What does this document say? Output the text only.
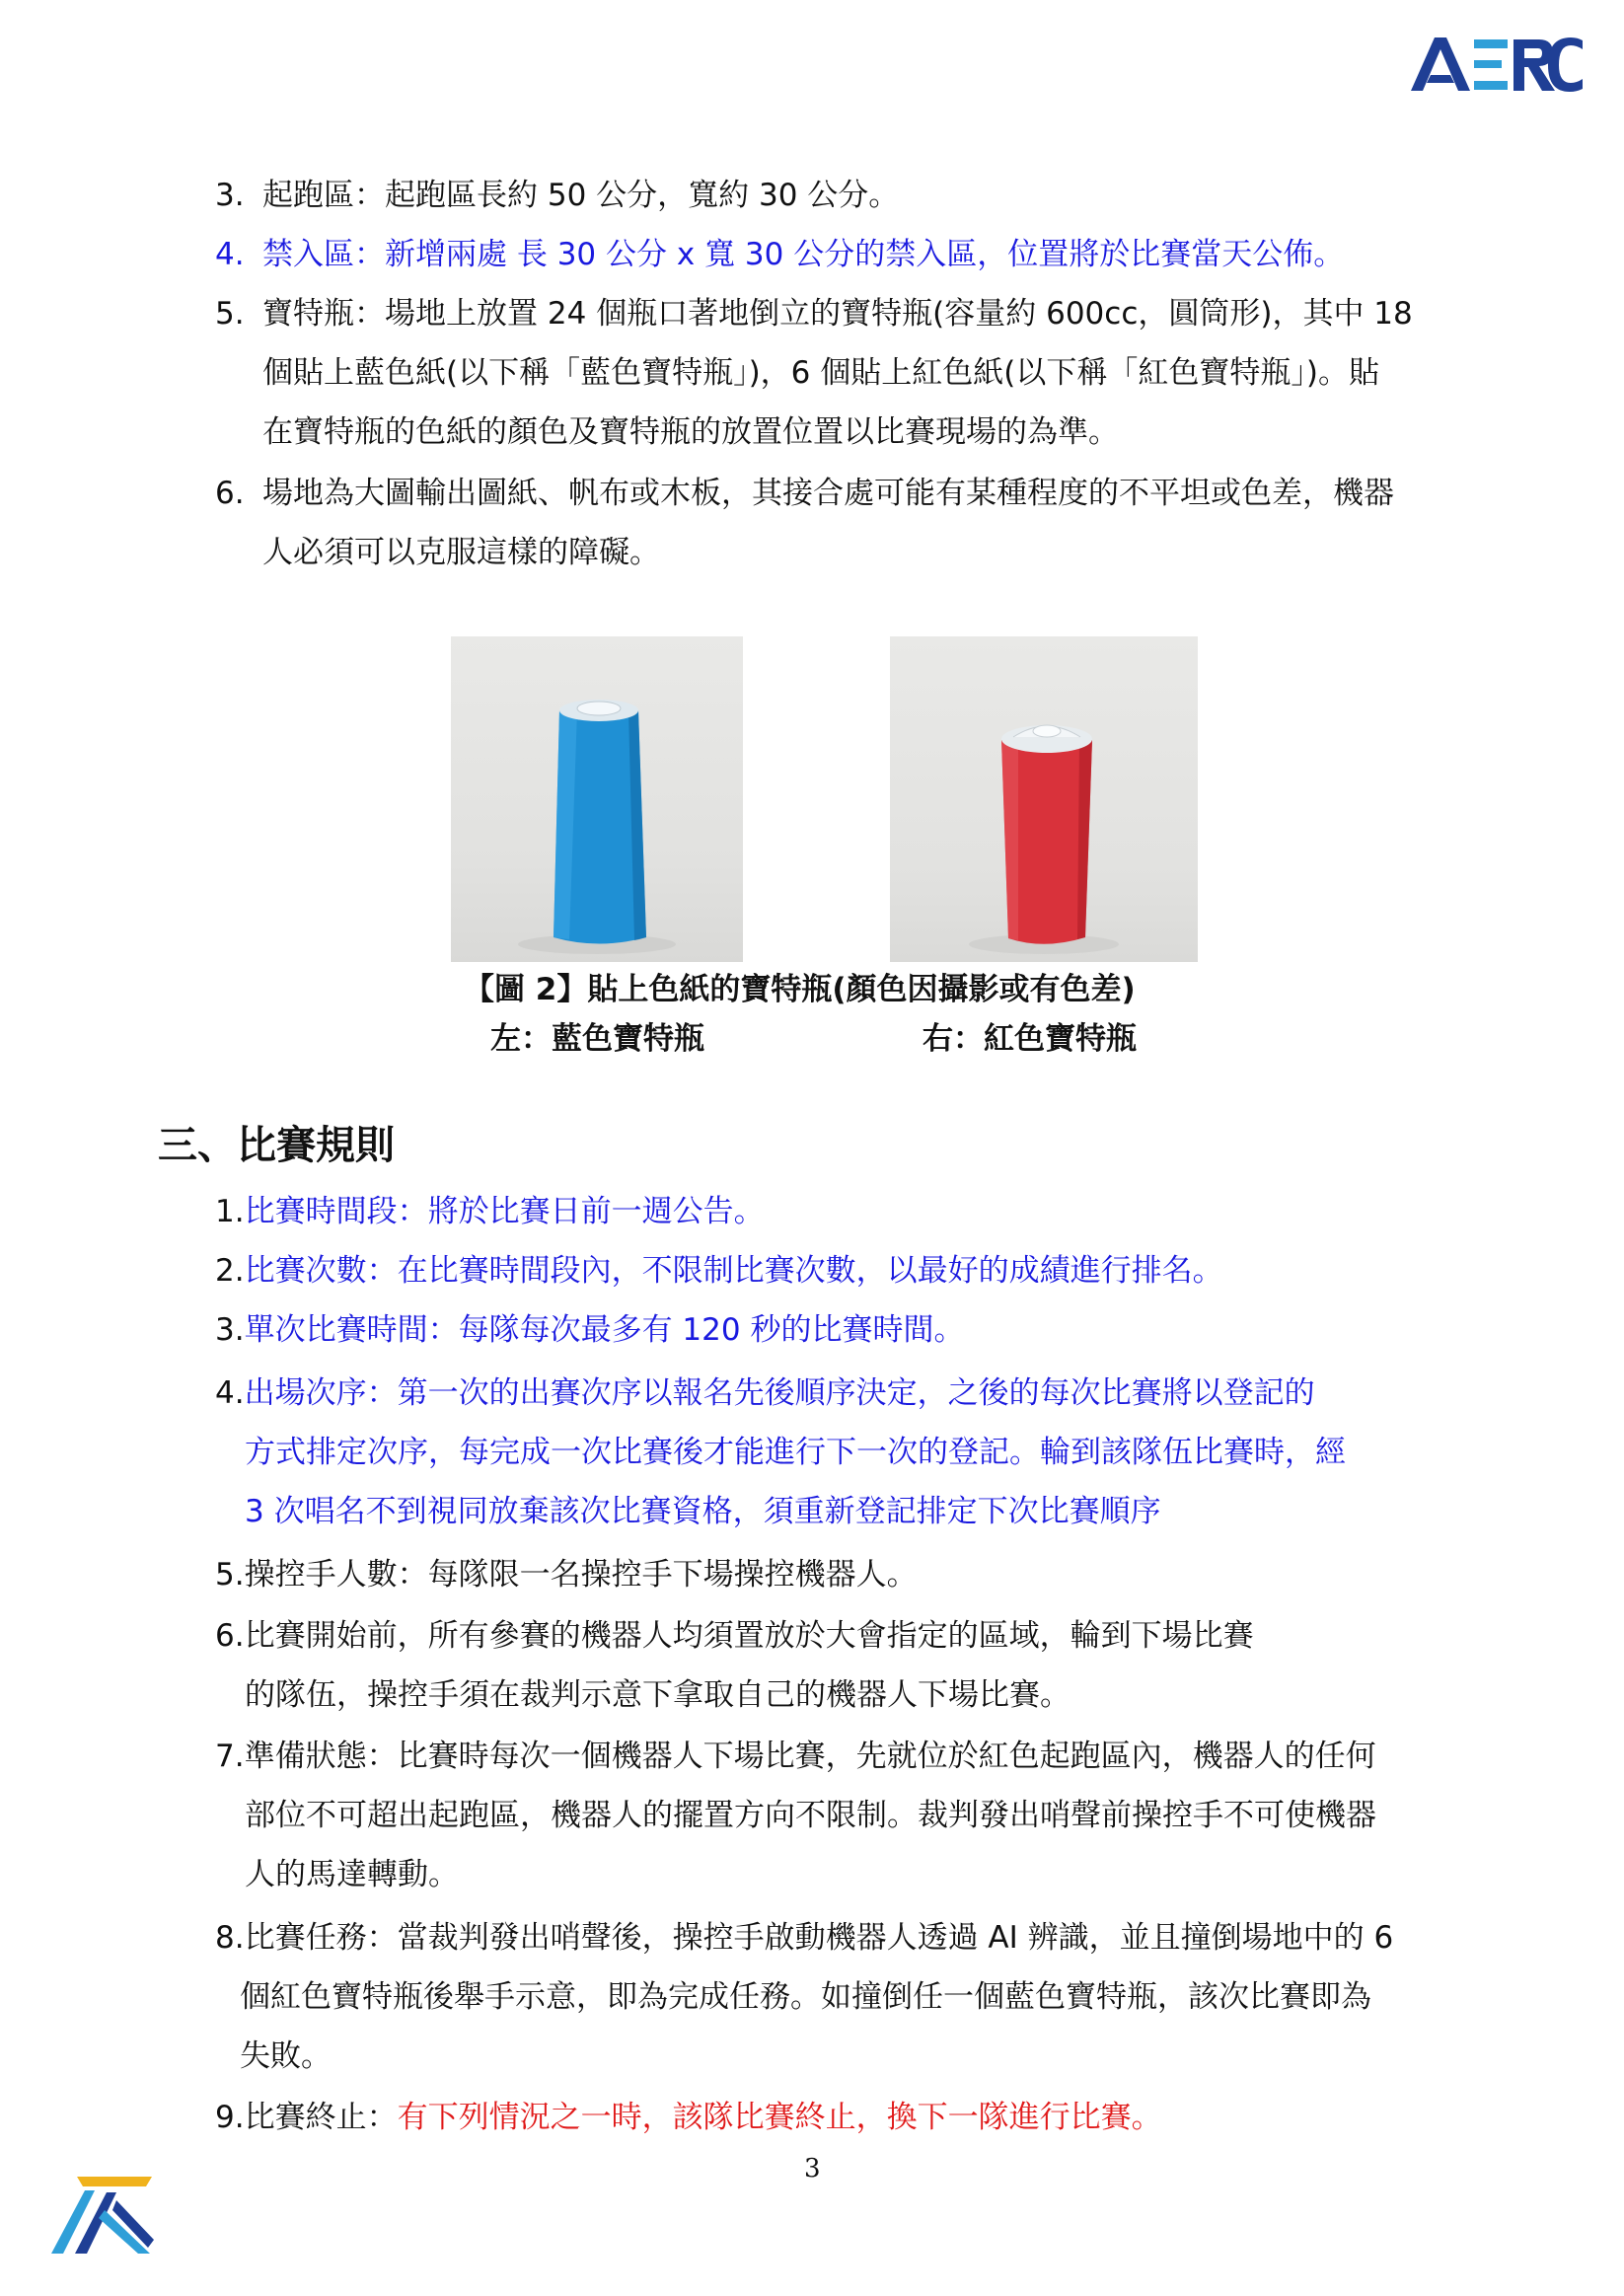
3. 起跑區：起跑區長約 50 公分，寬約 30 公分。
4. 禁入區：新增兩處 長 30 公分 x 寬 30 公分的禁入區，位置將於比賽當天公佈。
5. 寶特瓶：場地上放置 24 個瓶口著地倒立的寶特瓶(容量約 600cc，圓筒形)，其中 18
個貼上藍色紙(以下稱「藍色寶特瓶」)，6 個貼上紅色紙(以下稱「紅色寶特瓶」)。貼
在寶特瓶的色紙的顏色及寶特瓶的放置位置以比賽現場的為準。
6. 場地為大圖輸出圖紙、帆布或木板，其接合處可能有某種程度的不平坦或色差，機器
人必須可以克服這樣的障礙。
【圖 2】貼上色紙的寶特瓶(顏色因攝影或有色差)
左：藍色寶特瓶	右：紅色寶特瓶
三、比賽規則
1.比賽時間段：將於比賽日前一週公告。
2.比賽次數：在比賽時間段內，不限制比賽次數，以最好的成績進行排名。
3.單次比賽時間：每隊每次最多有 120 秒的比賽時間。
4.出場次序：第一次的出賽次序以報名先後順序決定，之後的每次比賽將以登記的
方式排定次序，每完成一次比賽後才能進行下一次的登記。輪到該隊伍比賽時，經
3 次唱名不到視同放棄該次比賽資格，須重新登記排定下次比賽順序
5.操控手人數：每隊限一名操控手下場操控機器人。
6.比賽開始前，所有參賽的機器人均須置放於大會指定的區域，輪到下場比賽
的隊伍，操控手須在裁判示意下拿取自己的機器人下場比賽。
7.準備狀態：比賽時每次一個機器人下場比賽，先就位於紅色起跑區內，機器人的任何
部位不可超出起跑區，機器人的擺置方向不限制。裁判發出哨聲前操控手不可使機器
人的馬達轉動。
8.比賽任務：當裁判發出哨聲後，操控手啟動機器人透過 AI 辨識，並且撞倒場地中的 6
個紅色寶特瓶後舉手示意，即為完成任務。如撞倒任一個藍色寶特瓶，該次比賽即為
失敗。
9.比賽終止：有下列情況之一時，該隊比賽終止，換下一隊進行比賽。
3
